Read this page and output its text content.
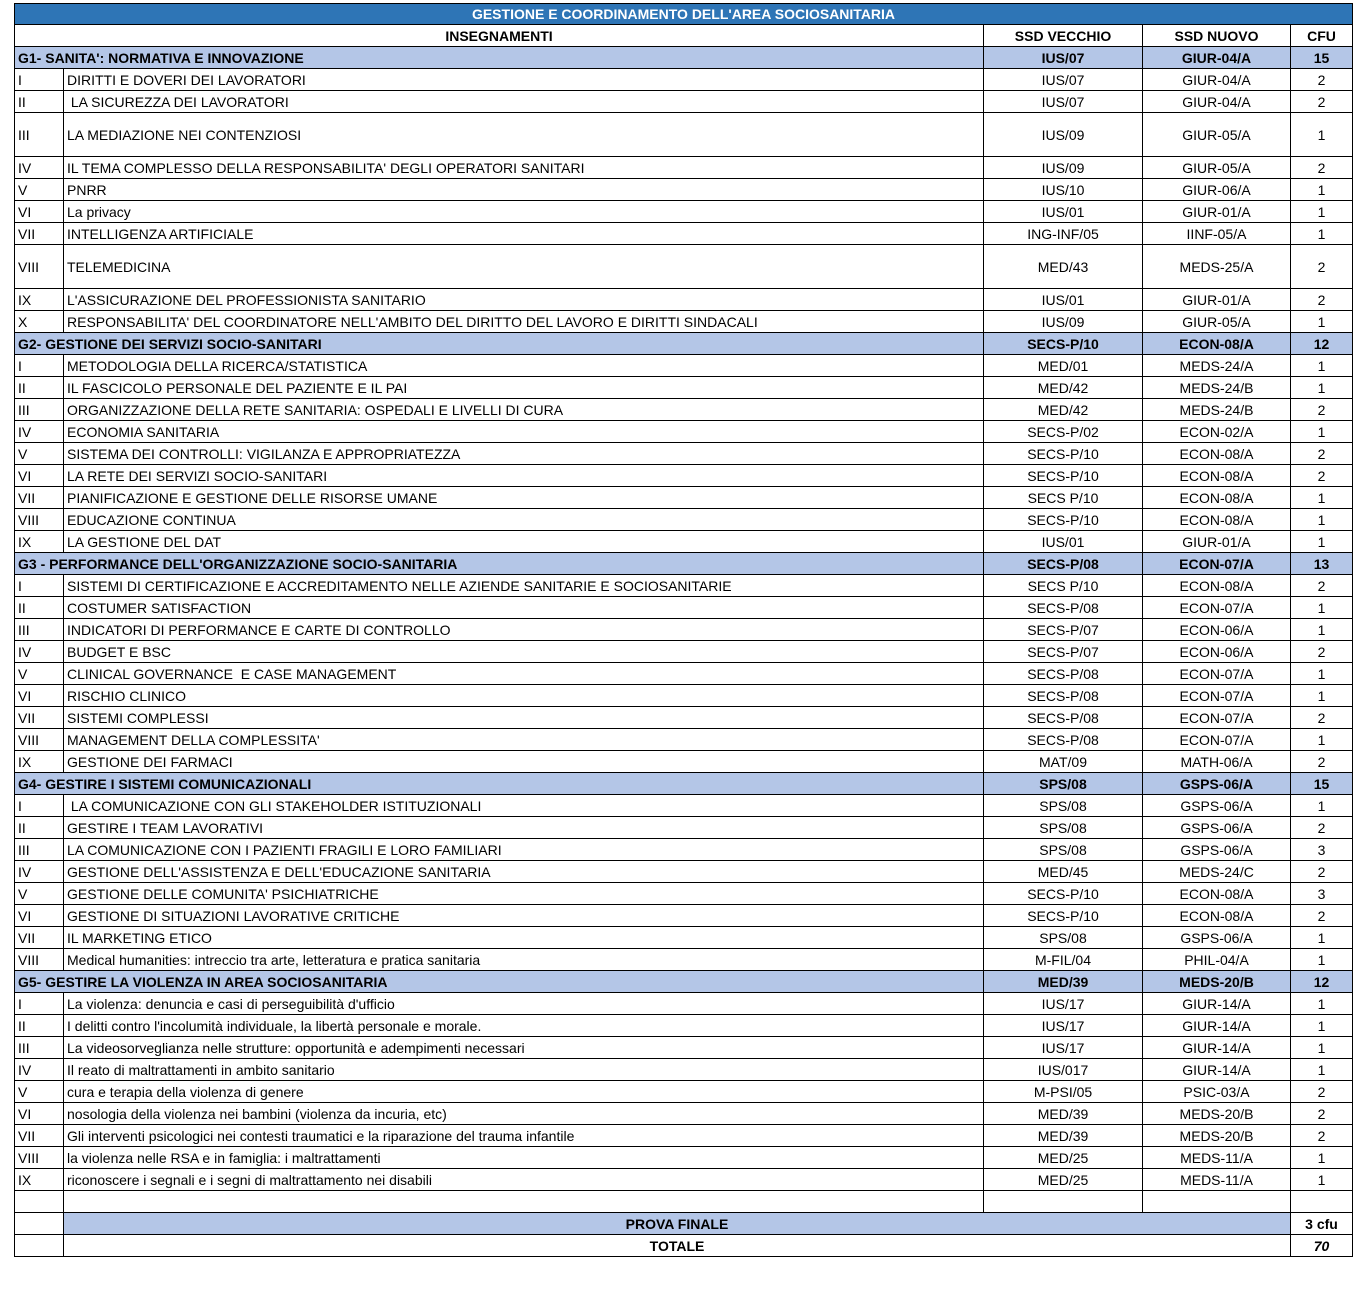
GESTIONE E COORDINAMENTO DELL'AREA SOCIOSANITARIA				
INSEGNAMENTI		SSD VECCHIO	SSD NUOVO	CFU
G1- SANITA': NORMATIVA E INNOVAZIONE		IUS/07	GIUR-04/A	15
I	DIRITTI E DOVERI DEI LAVORATORI	IUS/07	GIUR-04/A	2
II	LA SICUREZZA DEI LAVORATORI	IUS/07	GIUR-04/A	2
III	LA MEDIAZIONE NEI CONTENZIOSI	IUS/09	GIUR-05/A	1
IV	IL TEMA COMPLESSO DELLA RESPONSABILITA' DEGLI OPERATORI SANITARI	IUS/09	GIUR-05/A	2
V	PNRR	IUS/10	GIUR-06/A	1
VI	La privacy	IUS/01	GIUR-01/A	1
VII	INTELLIGENZA ARTIFICIALE	ING-INF/05	IINF-05/A	1
VIII	TELEMEDICINA	MED/43	MEDS-25/A	2
IX	L'ASSICURAZIONE DEL PROFESSIONISTA SANITARIO	IUS/01	GIUR-01/A	2
X	RESPONSABILITA' DEL COORDINATORE NELL'AMBITO DEL DIRITTO DEL LAVORO E DIRITTI SINDACALI	IUS/09	GIUR-05/A	1
G2- GESTIONE DEI SERVIZI SOCIO-SANITARI		SECS-P/10	ECON-08/A	12
I	METODOLOGIA DELLA RICERCA/STATISTICA	MED/01	MEDS-24/A	1
II	IL FASCICOLO PERSONALE DEL PAZIENTE E IL PAI	MED/42	MEDS-24/B	1
III	ORGANIZZAZIONE DELLA RETE SANITARIA: OSPEDALI E LIVELLI DI CURA	MED/42	MEDS-24/B	2
IV	ECONOMIA SANITARIA	SECS-P/02	ECON-02/A	1
V	SISTEMA DEI CONTROLLI: VIGILANZA E APPROPRIATEZZA	SECS-P/10	ECON-08/A	2
VI	LA RETE DEI SERVIZI SOCIO-SANITARI	SECS-P/10	ECON-08/A	2
VII	PIANIFICAZIONE E GESTIONE DELLE RISORSE UMANE	SECS P/10	ECON-08/A	1
VIII	EDUCAZIONE CONTINUA	SECS-P/10	ECON-08/A	1
IX	LA GESTIONE DEL DAT	IUS/01	GIUR-01/A	1
G3 - PERFORMANCE DELL'ORGANIZZAZIONE SOCIO-SANITARIA		SECS-P/08	ECON-07/A	13
I	SISTEMI DI CERTIFICAZIONE E ACCREDITAMENTO NELLE AZIENDE SANITARIE E SOCIOSANITARIE	SECS P/10	ECON-08/A	2
II	COSTUMER SATISFACTION	SECS-P/08	ECON-07/A	1
III	INDICATORI DI PERFORMANCE E CARTE DI CONTROLLO	SECS-P/07	ECON-06/A	1
IV	BUDGET E BSC	SECS-P/07	ECON-06/A	2
V	CLINICAL GOVERNANCE  E CASE MANAGEMENT	SECS-P/08	ECON-07/A	1
VI	RISCHIO CLINICO	SECS-P/08	ECON-07/A	1
VII	SISTEMI COMPLESSI	SECS-P/08	ECON-07/A	2
VIII	MANAGEMENT DELLA COMPLESSITA'	SECS-P/08	ECON-07/A	1
IX	GESTIONE DEI FARMACI	MAT/09	MATH-06/A	2
G4- GESTIRE I SISTEMI COMUNICAZIONALI		SPS/08	GSPS-06/A	15
I	LA COMUNICAZIONE CON GLI STAKEHOLDER ISTITUZIONALI	SPS/08	GSPS-06/A	1
II	GESTIRE I TEAM LAVORATIVI	SPS/08	GSPS-06/A	2
III	LA COMUNICAZIONE CON I PAZIENTI FRAGILI E LORO FAMILIARI	SPS/08	GSPS-06/A	3
IV	GESTIONE DELL'ASSISTENZA E DELL'EDUCAZIONE SANITARIA	MED/45	MEDS-24/C	2
V	GESTIONE DELLE COMUNITA' PSICHIATRICHE	SECS-P/10	ECON-08/A	3
VI	GESTIONE DI SITUAZIONI LAVORATIVE CRITICHE	SECS-P/10	ECON-08/A	2
VII	IL MARKETING ETICO	SPS/08	GSPS-06/A	1
VIII	Medical humanities: intreccio tra arte, letteratura e pratica sanitaria	M-FIL/04	PHIL-04/A	1
G5- GESTIRE LA VIOLENZA IN AREA SOCIOSANITARIA		MED/39	MEDS-20/B	12
I	La violenza: denuncia e casi di perseguibilità d'ufficio	IUS/17	GIUR-14/A	1
II	I delitti contro l'incolumità individuale, la libertà personale e morale.	IUS/17	GIUR-14/A	1
III	La videosorveglianza nelle strutture: opportunità e adempimenti necessari	IUS/17	GIUR-14/A	1
IV	Il reato di maltrattamenti in ambito sanitario	IUS/017	GIUR-14/A	1
V	cura e terapia della violenza di genere	M-PSI/05	PSIC-03/A	2
VI	nosologia della violenza nei bambini (violenza da incuria, etc)	MED/39	MEDS-20/B	2
VII	Gli interventi psicologici nei contesti traumatici e la riparazione del trauma infantile	MED/39	MEDS-20/B	2
VIII	la violenza nelle RSA e in famiglia: i maltrattamenti	MED/25	MEDS-11/A	1
IX	riconoscere i segnali e i segni di maltrattamento nei disabili	MED/25	MEDS-11/A	1

	PROVA FINALE			3 cfu
	TOTALE			70
